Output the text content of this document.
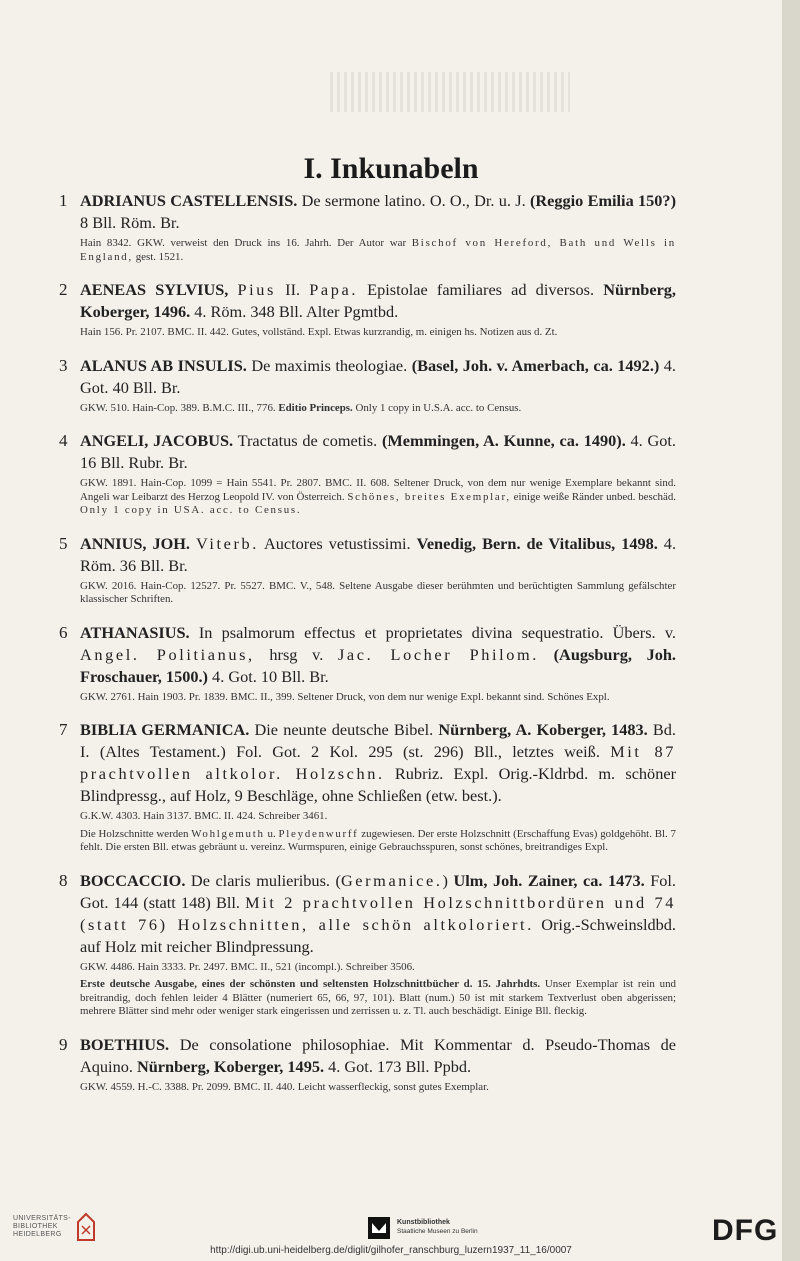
I. Inkunabeln
1 ADRIANUS CASTELLENSIS. De sermone latino. O. O., Dr. u. J. (Reggio Emilia 150?) 8 Bll. Röm. Br.
Hain 8342. GKW. verweist den Druck ins 16. Jahrh. Der Autor war Bischof von Hereford, Bath und Wells in England, gest. 1521.
2 AENEAS SYLVIUS, Pius II. Papa. Epistolae familiares ad diversos. Nürnberg, Koberger, 1496. 4. Röm. 348 Bll. Alter Pgmtbd.
Hain 156. Pr. 2107. BMC. II. 442. Gutes, vollständ. Expl. Etwas kurzrandig, m. einigen hs. Notizen aus d. Zt.
3 ALANUS AB INSULIS. De maximis theologiae. (Basel, Joh. v. Amerbach, ca. 1492.) 4. Got. 40 Bll. Br.
GKW. 510. Hain-Cop. 389. B.M.C. III., 776. Editio Princeps. Only 1 copy in U.S.A. acc. to Census.
4 ANGELI, JACOBUS. Tractatus de cometis. (Memmingen, A. Kunne, ca. 1490). 4. Got. 16 Bll. Rubr. Br.
GKW. 1891. Hain-Cop. 1099 = Hain 5541. Pr. 2807. BMC. II. 608. Seltener Druck, von dem nur wenige Exemplare bekannt sind. Angeli war Leibarzt des Herzog Leopold IV. von Österreich. Schönes, breites Exemplar, einige weiße Ränder unbed. beschäd. Only 1 copy in USA. acc. to Census.
5 ANNIUS, JOH. Viterb. Auctores vetustissimi. Venedig, Bern. de Vitalibus, 1498. 4. Röm. 36 Bll. Br.
GKW. 2016. Hain-Cop. 12527. Pr. 5527. BMC. V., 548. Seltene Ausgabe dieser berühmten und berüchtigten Sammlung gefälschter klassischer Schriften.
6 ATHANASIUS. In psalmorum effectus et proprietates divina sequestratio. Übers. v. Angel. Politianus, hrsg v. Jac. Locher Philom. (Augsburg, Joh. Froschauer, 1500.) 4. Got. 10 Bll. Br.
GKW. 2761. Hain 1903. Pr. 1839. BMC. II., 399. Seltener Druck, von dem nur wenige Expl. bekannt sind. Schönes Expl.
7 BIBLIA GERMANICA. Die neunte deutsche Bibel. Nürnberg, A. Koberger, 1483. Bd. I. (Altes Testament.) Fol. Got. 2 Kol. 295 (st. 296) Bll., letztes weiß. Mit 87 prachtvollen altkolor. Holzschn. Rubriz. Expl. Orig.-Kldrbd. m. schöner Blindpressg., auf Holz, 9 Beschläge, ohne Schließen (etw. best.).
G.K.W. 4303. Hain 3137. BMC. II. 424. Schreiber 3461.
Die Holzschnitte werden Wohlgemuth u. Pleydenwurff zugewiesen. Der erste Holzschnitt (Erschaffung Evas) goldgehöht. Bl. 7 fehlt. Die ersten Bll. etwas gebräunt u. vereinz. Wurmspuren, einige Gebrauchsspuren, sonst schönes, breitrandiges Expl.
8 BOCCACCIO. De claris mulieribus. (Germanice.) Ulm, Joh. Zainer, ca. 1473. Fol. Got. 144 (statt 148) Bll. Mit 2 prachtvollen Holzschnittbordüren und 74 (statt 76) Holzschnitten, alle schön altkoloriert. Orig.-Schweinsldbd. auf Holz mit reicher Blindpressung.
GKW. 4486. Hain 3333. Pr. 2497. BMC. II., 521 (incompl.). Schreiber 3506.
Erste deutsche Ausgabe, eines der schönsten und seltensten Holzschnittbücher d. 15. Jahrhdts. Unser Exemplar ist rein und breitrandig, doch fehlen leider 4 Blätter (numeriert 65, 66, 97, 101). Blatt (num.) 50 ist mit starkem Textverlust oben abgerissen; mehrere Blätter sind mehr oder weniger stark eingerissen und zerrissen u. z. Tl. auch beschädigt. Einige Bll. fleckig.
9 BOETHIUS. De consolatione philosophiae. Mit Kommentar d. Pseudo-Thomas de Aquino. Nürnberg, Koberger, 1495. 4. Got. 173 Bll. Ppbd.
GKW. 4559. H.-C. 3388. Pr. 2099. BMC. II. 440. Leicht wasserfleckig, sonst gutes Exemplar.
UNIVERSITÄTS-
BIBLIOTHEK
HEIDELBERG
Kunstbibliothek
Staatliche Museen zu Berlin	DFG
http://digi.ub.uni-heidelberg.de/diglit/gilhofer_ranschburg_luzern1937_11_16/0007
